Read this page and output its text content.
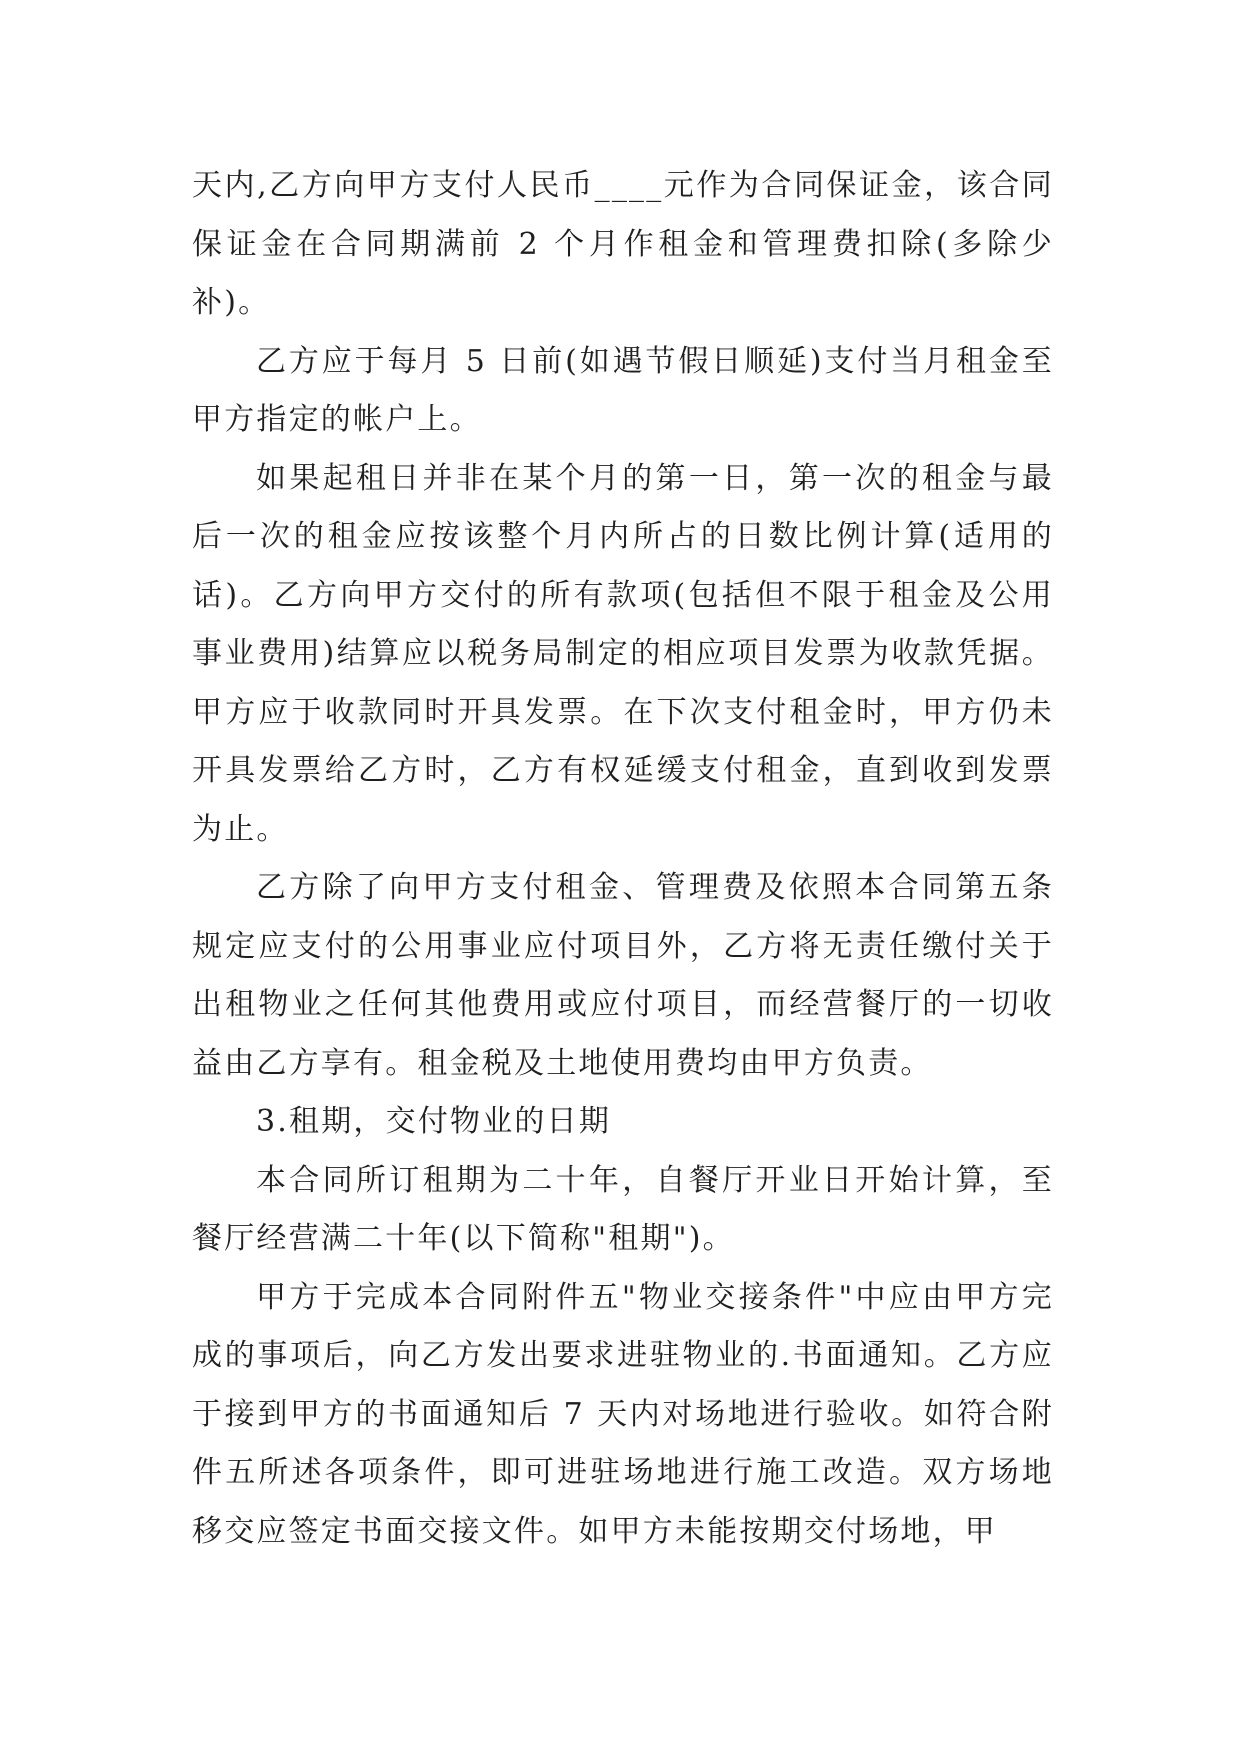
天内,乙方向甲方支付人民币____元作为合同保证金，该合同保证金在合同期满前 2 个月作租金和管理费扣除(多除少补)。

乙方应于每月 5 日前(如遇节假日顺延)支付当月租金至甲方指定的帐户上。

如果起租日并非在某个月的第一日，第一次的租金与最后一次的租金应按该整个月内所占的日数比例计算(适用的话)。乙方向甲方交付的所有款项(包括但不限于租金及公用事业费用)结算应以税务局制定的相应项目发票为收款凭据。甲方应于收款同时开具发票。在下次支付租金时，甲方仍未开具发票给乙方时，乙方有权延缓支付租金，直到收到发票为止。

乙方除了向甲方支付租金、管理费及依照本合同第五条规定应支付的公用事业应付项目外，乙方将无责任缴付关于出租物业之任何其他费用或应付项目，而经营餐厅的一切收益由乙方享有。租金税及土地使用费均由甲方负责。

3.租期，交付物业的日期

本合同所订租期为二十年，自餐厅开业日开始计算，至餐厅经营满二十年(以下简称"租期")。

甲方于完成本合同附件五"物业交接条件"中应由甲方完成的事项后，向乙方发出要求进驻物业的.书面通知。乙方应于接到甲方的书面通知后 7 天内对场地进行验收。如符合附件五所述各项条件，即可进驻场地进行施工改造。双方场地移交应签定书面交接文件。如甲方未能按期交付场地，甲
